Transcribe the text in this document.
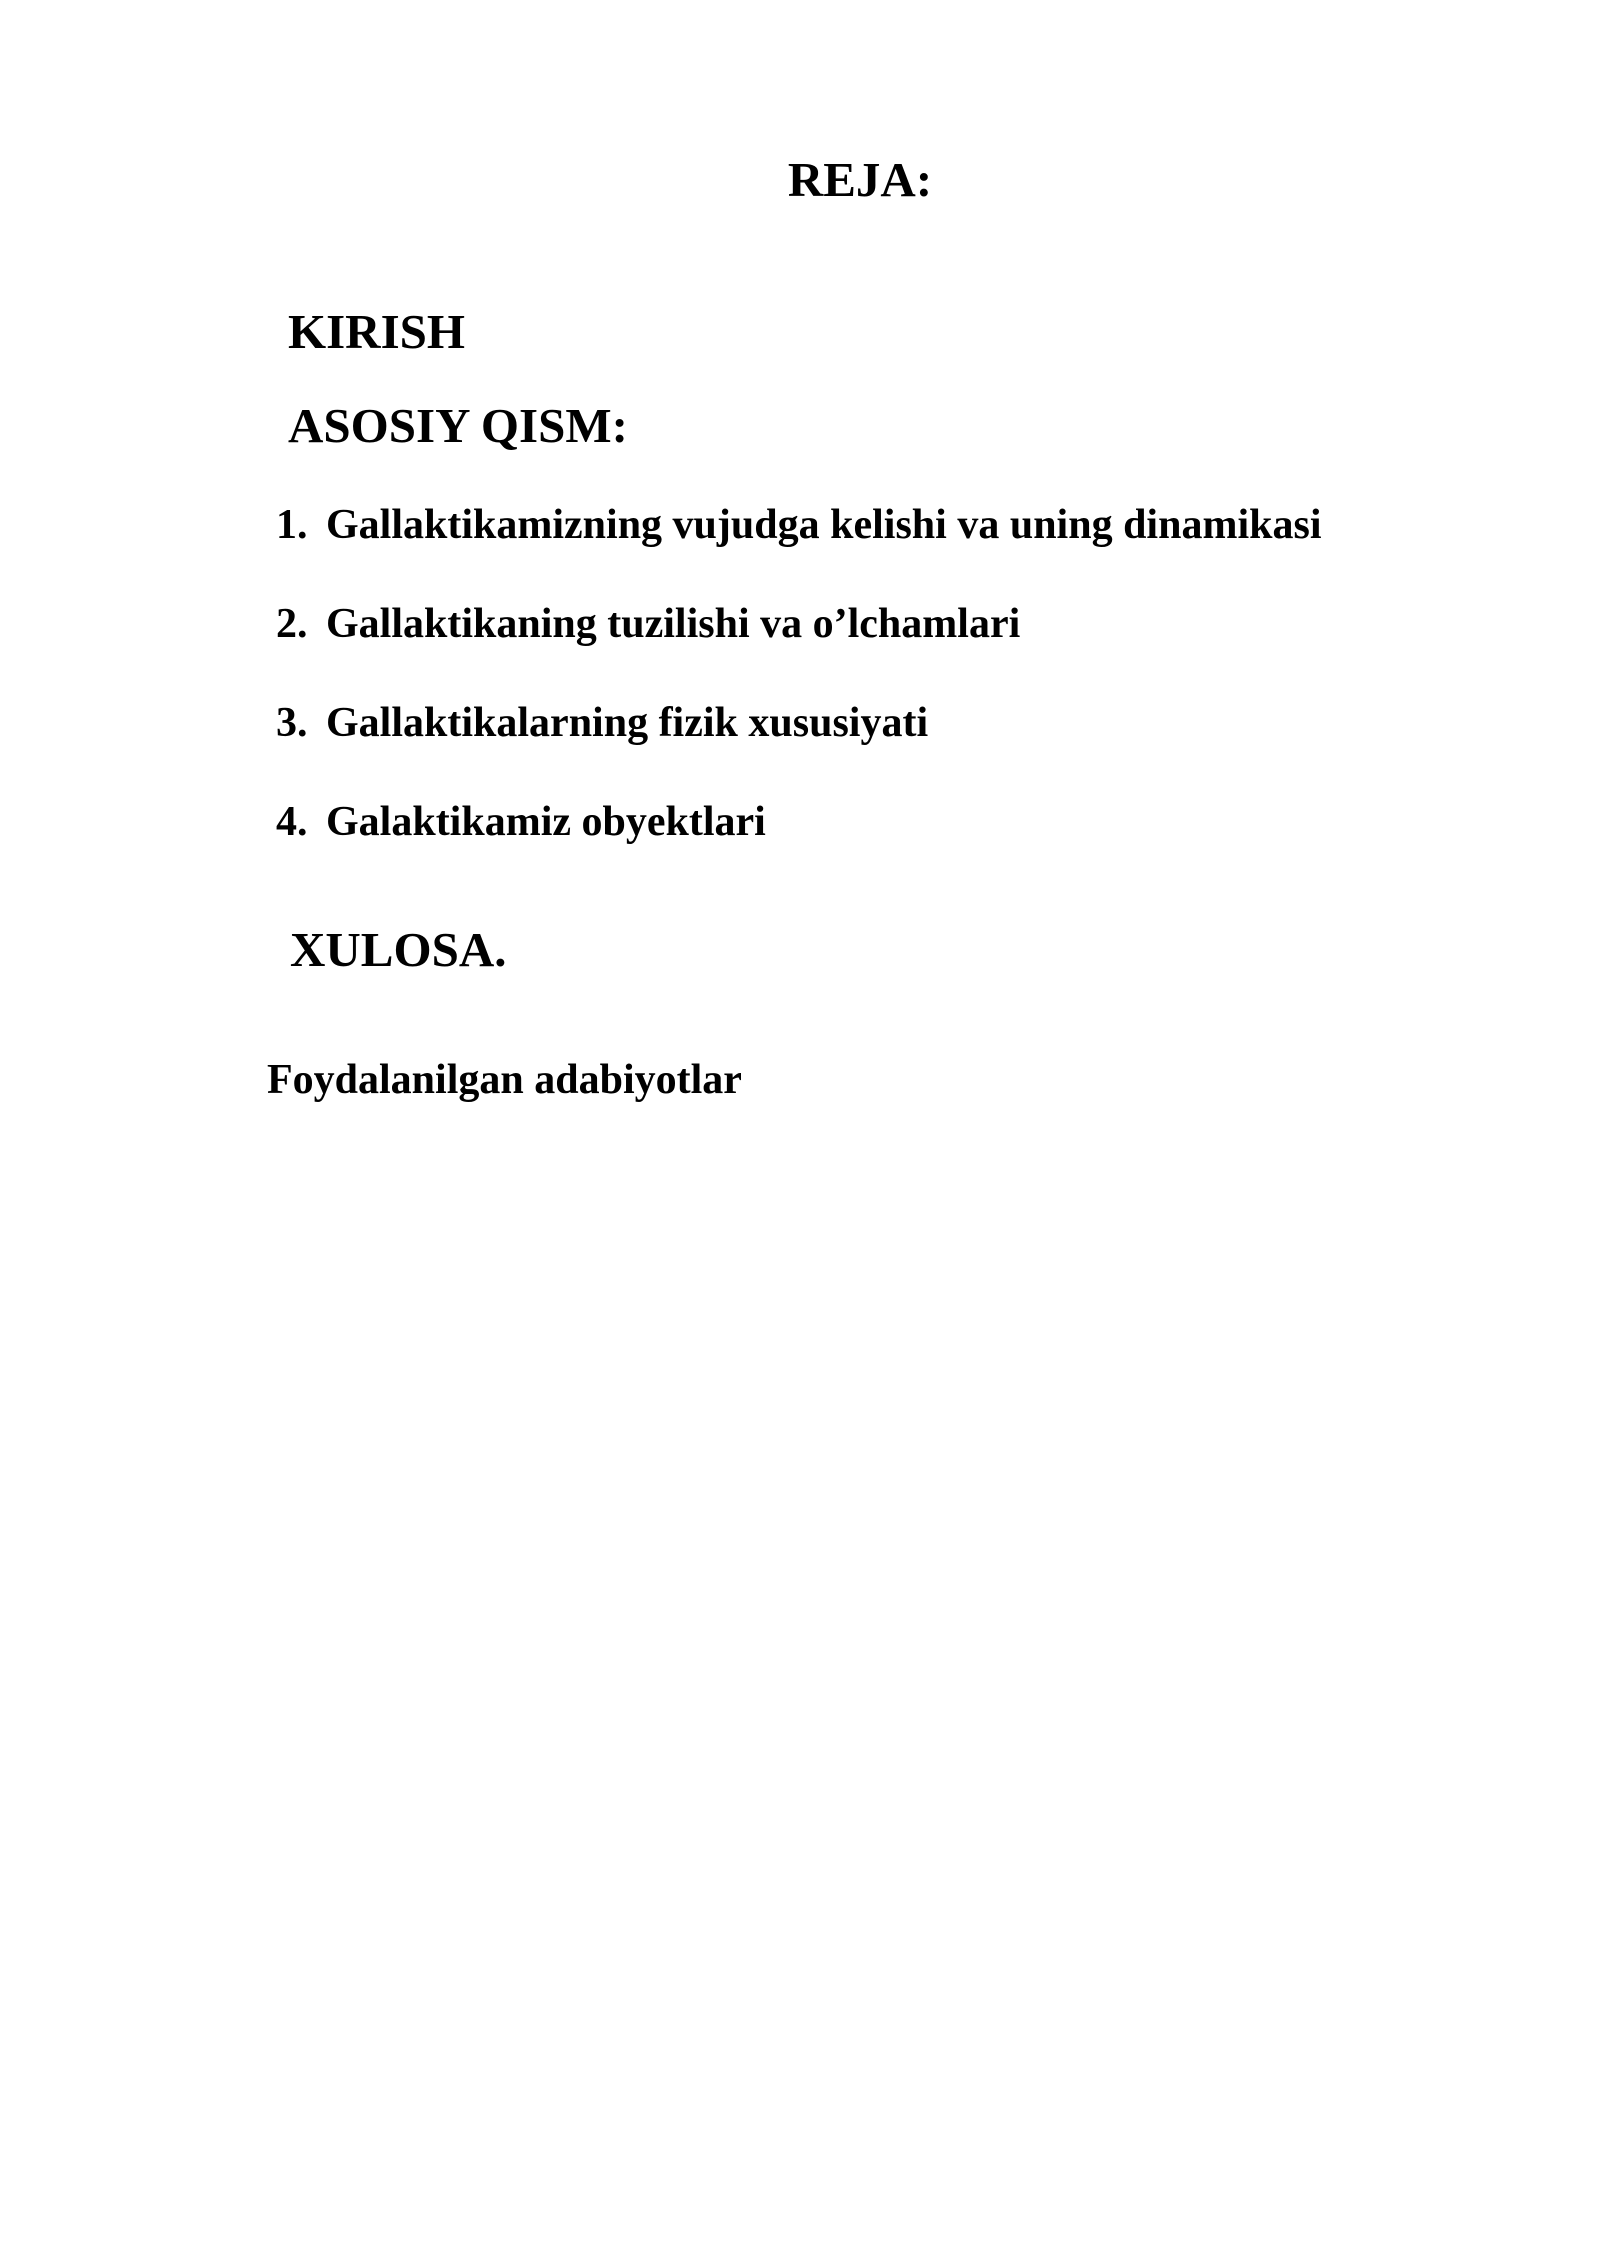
REJA:
KIRISH
ASOSIY QISM:
1. Gallaktikamizning vujudga kelishi va uning dinamikasi
2. Gallaktikaning tuzilishi va o’lchamlari
3. Gallaktikalarning fizik xususiyati
4. Galaktikamiz obyektlari
XULOSA.

Foydalanilgan adabiyotlar
